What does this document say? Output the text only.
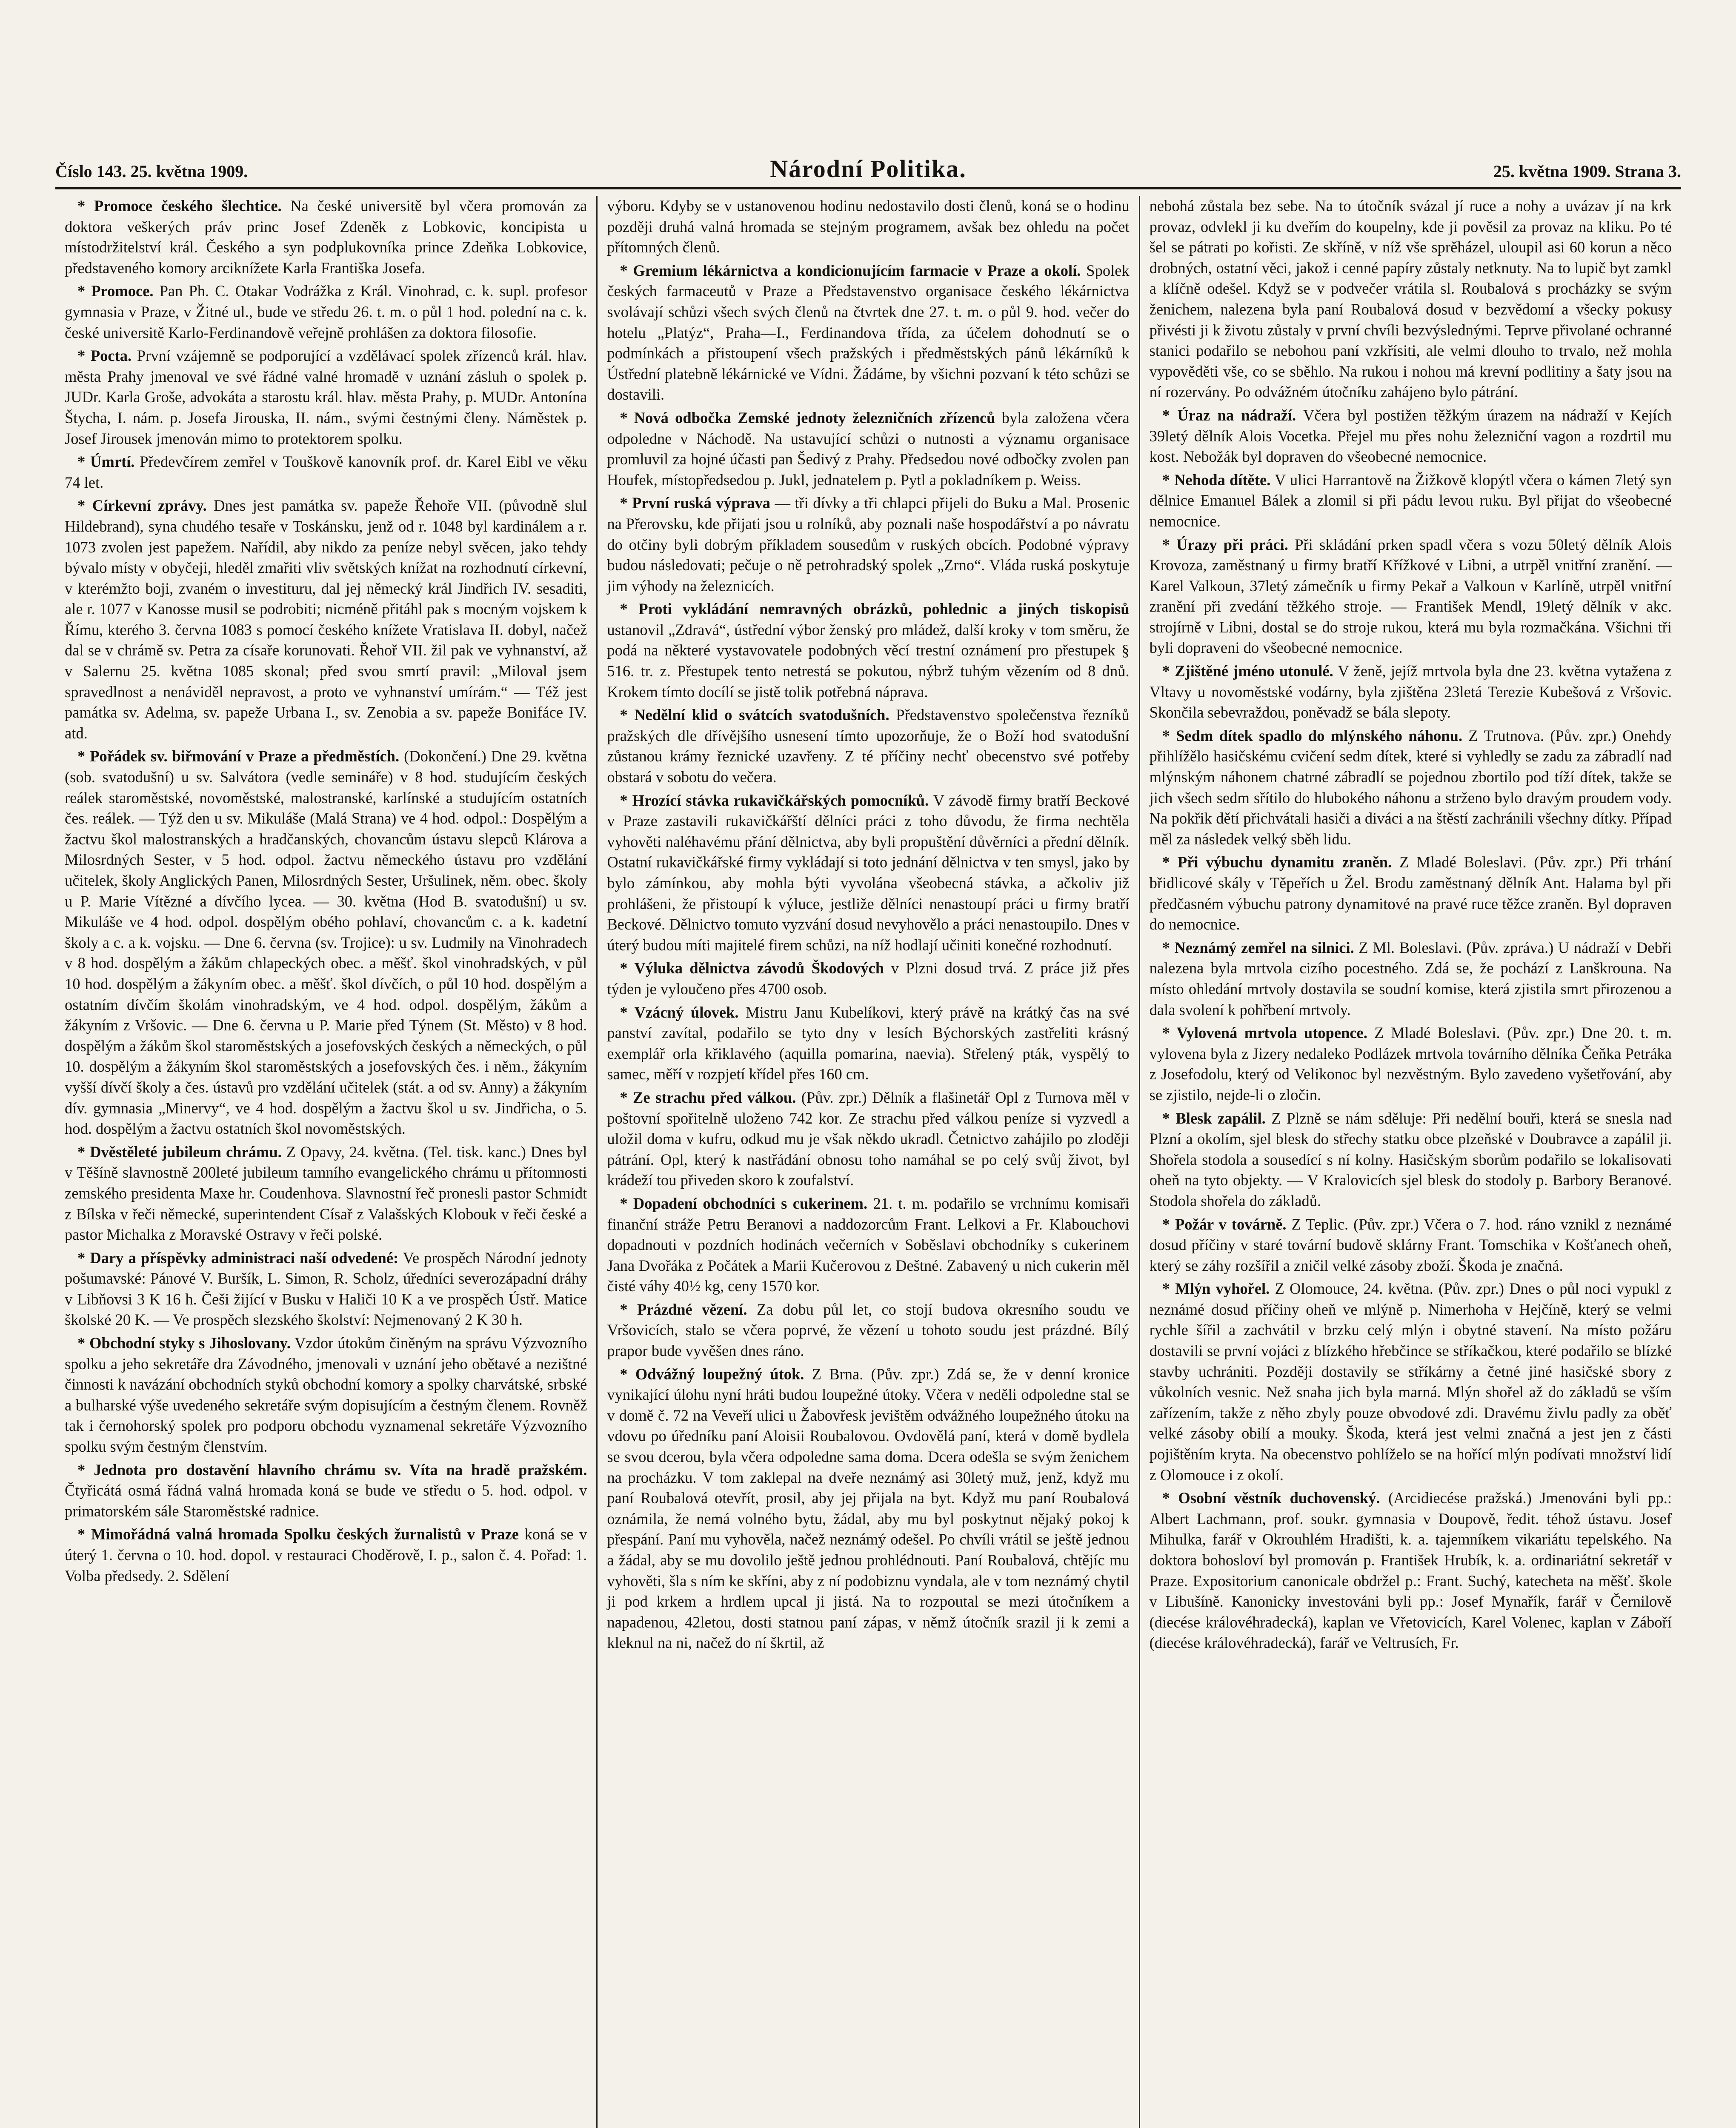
Číslo 143. 25. května 1909.	Národní Politika.	25. května 1909. Strana 3.

* Promoce českého šlechtice. Na české universitě byl včera promován za doktora veškerých práv princ Josef Zdeněk z Lobkovic, koncipista u místodržitelství král. Českého a syn podplukovníka prince Zdeňka Lobkovice, představeného komory arciknížete Karla Františka Josefa.

* Promoce. Pan Ph. C. Otakar Vodrážka z Král. Vinohrad, c. k. supl. profesor gymnasia v Praze, v Žitné ul., bude ve středu 26. t. m. o půl 1 hod. polední na c. k. české universitě Karlo-Ferdinandově veřejně prohlášen za doktora filosofie.

* Pocta. První vzájemně se podporující a vzdělávací spolek zřízenců král. hlav. města Prahy jmenoval ve své řádné valné hromadě v uznání zásluh o spolek p. JUDr. Karla Groše, advokáta a starostu král. hlav. města Prahy, p. MUDr. Antonína Štycha, I. nám. p. Josefa Jirouska, II. nám., svými čestnými členy. Náměstek p. Josef Jirousek jmenován mimo to protektorem spolku.

* Úmrtí. Předevčírem zemřel v Touškově kanovník prof. dr. Karel Eibl ve věku 74 let.

* Církevní zprávy. Dnes jest památka sv. papeže Řehoře VII. (původně slul Hildebrand), syna chudého tesaře v Toskánsku, jenž od r. 1048 byl kardinálem a r. 1073 zvolen jest papežem. Nařídil, aby nikdo za peníze nebyl svěcen, jako tehdy bývalo místy v obyčeji, hleděl zmařiti vliv světských knížat na rozhodnutí církevní, v kterémžto boji, zvaném o investituru, dal jej německý král Jindřich IV. sesaditi, ale r. 1077 v Kanosse musil se podrobiti; nicméně přitáhl pak s mocným vojskem k Římu, kterého 3. června 1083 s pomocí českého knížete Vratislava II. dobyl, načež dal se v chrámě sv. Petra za císaře korunovati. Řehoř VII. žil pak ve vyhnanství, až v Salernu 25. května 1085 skonal; před svou smrtí pravil: „Miloval jsem spravedlnost a nenáviděl nepravost, a proto ve vyhnanství umírám.“ — Též jest památka sv. Adelma, sv. papeže Urbana I., sv. Zenobia a sv. papeže Bonifáce IV. atd.

* Pořádek sv. biřmování v Praze a předměstích. (Dokončení.) Dne 29. května (sob. svatodušní) u sv. Salvátora (vedle semináře) v 8 hod. studujícím českých reálek staroměstské, novoměstské, malostranské, karlínské a studujícím ostatních čes. reálek. — Týž den u sv. Mikuláše (Malá Strana) ve 4 hod. odpol.: Dospělým a žactvu škol malostranských a hradčanských, chovancům ústavu slepců Klárova a Milosrdných Sester, v 5 hod. odpol. žactvu německého ústavu pro vzdělání učitelek, školy Anglických Panen, Milosrdných Sester, Uršulinek, něm. obec. školy u P. Marie Vítězné a dívčího lycea. — 30. května (Hod B. svatodušní) u sv. Mikuláše ve 4 hod. odpol. dospělým obého pohlaví, chovancům c. a k. kadetní školy a c. a k. vojsku. — Dne 6. června (sv. Trojice): u sv. Ludmily na Vinohradech v 8 hod. dospělým a žákům chlapeckých obec. a měšť. škol vinohradských, v půl 10 hod. dospělým a žákyním obec. a měšť. škol dívčích, o půl 10 hod. dospělým a ostatním dívčím školám vinohradským, ve 4 hod. odpol. dospělým, žákům a žákyním z Vršovic. — Dne 6. června u P. Marie před Týnem (St. Město) v 8 hod. dospělým a žákům škol staroměstských a josefovských českých a německých, o půl 10. dospělým a žákyním škol staroměstských a josefovských čes. i něm., žákyním vyšší dívčí školy a čes. ústavů pro vzdělání učitelek (stát. a od sv. Anny) a žákyním dív. gymnasia „Minervy“, ve 4 hod. dospělým a žactvu škol u sv. Jindřicha, o 5. hod. dospělým a žactvu ostatních škol novoměstských.

* Dvěstěleté jubileum chrámu. Z Opavy, 24. května. (Tel. tisk. kanc.) Dnes byl v Těšíně slavnostně 200leté jubileum tamního evangelického chrámu u přítomnosti zemského presidenta Maxe hr. Coudenhova. Slavnostní řeč pronesli pastor Schmidt z Bílska v řeči německé, superintendent Císař z Valašských Klobouk v řeči české a pastor Michalka z Moravské Ostravy v řeči polské.

* Dary a příspěvky administraci naší odvedené: Ve prospěch Národní jednoty pošumavské: Pánové V. Buršík, L. Simon, R. Scholz, úředníci severozápadní dráhy v Libňovsi 3 K 16 h. Češi žijící v Busku v Haliči 10 K a ve prospěch Ústř. Matice školské 20 K. — Ve prospěch slezského školství: Nejmenovaný 2 K 30 h.

* Obchodní styky s Jihoslovany. Vzdor útokům činěným na správu Výzvozního spolku a jeho sekretáře dra Závodného, jmenovali v uznání jeho obětavé a nezištné činnosti k navázání obchodních styků obchodní komory a spolky charvátské, srbské a bulharské výše uvedeného sekretáře svým dopisujícím a čestným členem. Rovněž tak i černohorský spolek pro podporu obchodu vyznamenal sekretáře Výzvozního spolku svým čestným členstvím.

* Jednota pro dostavění hlavního chrámu sv. Víta na hradě pražském. Čtyřicátá osmá řádná valná hromada koná se bude ve středu o 5. hod. odpol. v primatorském sále Staroměstské radnice.

* Mimořádná valná hromada Spolku českých žurnalistů v Praze koná se v úterý 1. června o 10. hod. dopol. v restauraci Choděrově, I. p., salon č. 4. Pořad: 1. Volba předsedy. 2. Sdělení

výboru. Kdyby se v ustanovenou hodinu nedostavilo dosti členů, koná se o hodinu později druhá valná hromada se stejným programem, avšak bez ohledu na počet přítomných členů.

* Gremium lékárnictva a kondicionujícím farmacie v Praze a okolí. Spolek českých farmaceutů v Praze a Představenstvo organisace českého lékárnictva svolávají schůzi všech svých členů na čtvrtek dne 27. t. m. o půl 9. hod. večer do hotelu „Platýz“, Praha—I., Ferdinandova třída, za účelem dohodnutí se o podmínkách a přistoupení všech pražských i předměstských pánů lékárníků k Ústřední platebně lékárnické ve Vídni. Žádáme, by všichni pozvaní k této schůzi se dostavili.

* Nová odbočka Zemské jednoty železničních zřízenců byla založena včera odpoledne v Náchodě. Na ustavující schůzi o nutnosti a významu organisace promluvil za hojné účasti pan Šedivý z Prahy. Předsedou nové odbočky zvolen pan Houfek, místopředsedou p. Jukl, jednatelem p. Pytl a pokladníkem p. Weiss.

* První ruská výprava — tři dívky a tři chlapci přijeli do Buku a Mal. Prosenic na Přerovsku, kde přijati jsou u rolníků, aby poznali naše hospodářství a po návratu do otčiny byli dobrým příkladem sousedům v ruských obcích. Podobné výpravy budou následovati; pečuje o ně petrohradský spolek „Zrno“. Vláda ruská poskytuje jim výhody na železnicích.

* Proti vykládání nemravných obrázků, pohlednic a jiných tiskopisů ustanovil „Zdravá“, ústřední výbor ženský pro mládež, další kroky v tom směru, že podá na některé vystavovatele podobných věcí trestní oznámení pro přestupek § 516. tr. z. Přestupek tento netrestá se pokutou, nýbrž tuhým vězením od 8 dnů. Krokem tímto docílí se jistě tolik potřebná náprava.

* Nedělní klid o svátcích svatodušních. Představenstvo společenstva řezníků pražských dle dřívějšího usnesení tímto upozorňuje, že o Boží hod svatodušní zůstanou krámy řeznické uzavřeny. Z té příčiny nechť obecenstvo své potřeby obstará v sobotu do večera.

* Hrozící stávka rukavičkářských pomocníků. V závodě firmy bratří Beckové v Praze zastavili rukavičkářští dělníci práci z toho důvodu, že firma nechtěla vyhověti naléhavému přání dělnictva, aby byli propuštění důvěrníci a přední dělník. Ostatní rukavičkářské firmy vykládají si toto jednání dělnictva v ten smysl, jako by bylo zámínkou, aby mohla býti vyvolána všeobecná stávka, a ačkoliv již prohlášeni, že přistoupí k výluce, jestliže dělníci nenastoupí práci u firmy bratří Beckové. Dělnictvo tomuto vyzvání dosud nevyhovělo a práci nenastoupilo. Dnes v úterý budou míti majitelé firem schůzi, na níž hodlají učiniti konečné rozhodnutí.

* Výluka dělnictva závodů Škodových v Plzni dosud trvá. Z práce již přes týden je vyloučeno přes 4700 osob.

* Vzácný úlovek. Mistru Janu Kubelíkovi, který právě na krátký čas na své panství zavítal, podařilo se tyto dny v lesích Býchorských zastřeliti krásný exemplář orla křiklavého (aquilla pomarina, naevia). Střelený pták, vyspělý to samec, měří v rozpjetí křídel přes 160 cm.

* Ze strachu před válkou. (Pův. zpr.) Dělník a flašinetář Opl z Turnova měl v poštovní spořitelně uloženo 742 kor. Ze strachu před válkou peníze si vyzvedl a uložil doma v kufru, odkud mu je však někdo ukradl. Četnictvo zahájilo po zloději pátrání. Opl, který k nastřádání obnosu toho namáhal se po celý svůj život, byl krádeží tou přiveden skoro k zoufalství.

* Dopadení obchodníci s cukerinem. 21. t. m. podařilo se vrchnímu komisaři finanční stráže Petru Beranovi a naddozorcům Frant. Lelkovi a Fr. Klabouchovi dopadnouti v pozdních hodinách večerních v Soběslavi obchodníky s cukerinem Jana Dvořáka z Počátek a Marii Kučerovou z Deštné. Zabavený u nich cukerin měl čisté váhy 40½ kg, ceny 1570 kor.

* Prázdné vězení. Za dobu půl let, co stojí budova okresního soudu ve Vršovicích, stalo se včera poprvé, že vězení u tohoto soudu jest prázdné. Bílý prapor bude vyvěšen dnes ráno.

* Odvážný loupežný útok. Z Brna. (Pův. zpr.) Zdá se, že v denní kronice vynikající úlohu nyní hráti budou loupežné útoky. Včera v neděli odpoledne stal se v domě č. 72 na Veveří ulici u Žabovřesk jevištěm odvážného loupežného útoku na vdovu po úředníku paní Aloisii Roubalovou. Ovdovělá paní, která v domě bydlela se svou dcerou, byla včera odpoledne sama doma. Dcera odešla se svým ženichem na procházku. V tom zaklepal na dveře neznámý asi 30letý muž, jenž, když mu paní Roubalová otevřít, prosil, aby jej přijala na byt. Když mu paní Roubalová oznámila, že nemá volného bytu, žádal, aby mu byl poskytnut nějaký pokoj k přespání. Paní mu vyhověla, načež neznámý odešel. Po chvíli vrátil se ještě jednou a žádal, aby se mu dovolilo ještě jednou prohlédnouti. Paní Roubalová, chtějíc mu vyhověti, šla s ním ke skříni, aby z ní podobiznu vyndala, ale v tom neznámý chytil ji pod krkem a hrdlem upcal ji jistá. Na to rozpoutal se mezi útočníkem a napadenou, 42letou, dosti statnou paní zápas, v němž útočník srazil ji k zemi a kleknul na ni, načež do ní škrtil, až

nebohá zůstala bez sebe. Na to útočník svázal jí ruce a nohy a uvázav jí na krk provaz, odvlekl ji ku dveřím do koupelny, kde ji pověsil za provaz na kliku. Po té šel se pátrati po kořisti. Ze skříně, v níž vše sprěházel, uloupil asi 60 korun a něco drobných, ostatní věci, jakož i cenné papíry zůstaly netknuty. Na to lupič byt zamkl a klíčně odešel. Když se v podvečer vrátila sl. Roubalová s procházky se svým ženichem, nalezena byla paní Roubalová dosud v bezvědomí a všecky pokusy přivésti ji k životu zůstaly v první chvíli bezvýslednými. Teprve přivolané ochranné stanici podařilo se nebohou paní vzkřísiti, ale velmi dlouho to trvalo, než mohla vypověděti vše, co se sběhlo. Na rukou i nohou má krevní podlitiny a šaty jsou na ní rozervány. Po odvážném útočníku zahájeno bylo pátrání.

* Úraz na nádraží. Včera byl postižen těžkým úrazem na nádraží v Kejích 39letý dělník Alois Vocetka. Přejel mu přes nohu železniční vagon a rozdrtil mu kost. Nebožák byl dopraven do všeobecné nemocnice.

* Nehoda dítěte. V ulici Harrantově na Žižkově klopýtl včera o kámen 7letý syn dělnice Emanuel Bálek a zlomil si při pádu levou ruku. Byl přijat do všeobecné nemocnice.

* Úrazy při práci. Při skládání prken spadl včera s vozu 50letý dělník Alois Krovoza, zaměstnaný u firmy bratří Křížkové v Libni, a utrpěl vnitřní zranění. — Karel Valkoun, 37letý zámečník u firmy Pekař a Valkoun v Karlíně, utrpěl vnitřní zranění při zvedání těžkého stroje. — František Mendl, 19letý dělník v akc. strojírně v Libni, dostal se do stroje rukou, která mu byla rozmačkána. Všichni tři byli dopraveni do všeobecné nemocnice.

* Zjištěné jméno utonulé. V ženě, jejíž mrtvola byla dne 23. května vytažena z Vltavy u novoměstské vodárny, byla zjištěna 23letá Terezie Kubešová z Vršovic. Skončila sebevraždou, poněvadž se bála slepoty.

* Sedm dítek spadlo do mlýnského náhonu. Z Trutnova. (Pův. zpr.) Onehdy přihlížělo hasičskému cvičení sedm dítek, které si vyhledly se zadu za zábradlí nad mlýnským náhonem chatrné zábradlí se pojednou zbortilo pod tíží dítek, takže se jich všech sedm sřítilo do hlubokého náhonu a strženo bylo dravým proudem vody. Na pokřik dětí přichvátali hasiči a diváci a na štěstí zachránili všechny dítky. Případ měl za následek velký sběh lidu.

* Při výbuchu dynamitu zraněn. Z Mladé Boleslavi. (Pův. zpr.) Při trhání břidlicové skály v Těpeřích u Žel. Brodu zaměstnaný dělník Ant. Halama byl při předčasném výbuchu patrony dynamitové na pravé ruce těžce zraněn. Byl dopraven do nemocnice.

* Neznámý zemřel na silnici. Z Ml. Boleslavi. (Pův. zpráva.) U nádraží v Debři nalezena byla mrtvola cizího pocestného. Zdá se, že pochází z Lanškrouna. Na místo ohledání mrtvoly dostavila se soudní komise, která zjistila smrt přirozenou a dala svolení k pohřbení mrtvoly.

* Vylovená mrtvola utopence. Z Mladé Boleslavi. (Pův. zpr.) Dne 20. t. m. vylovena byla z Jizery nedaleko Podlázek mrtvola továrního dělníka Čeňka Petráka z Josefodolu, který od Velikonoc byl nezvěstným. Bylo zavedeno vyšetřování, aby se zjistilo, nejde-li o zločin.

* Blesk zapálil. Z Plzně se nám sděluje: Při nedělní bouři, která se snesla nad Plzní a okolím, sjel blesk do střechy statku obce plzeňské v Doubravce a zapálil ji. Shořela stodola a sousedící s ní kolny. Hasičským sborům podařilo se lokalisovati oheň na tyto objekty. — V Kralovicích sjel blesk do stodoly p. Barbory Beranové. Stodola shořela do základů.

* Požár v továrně. Z Teplic. (Pův. zpr.) Včera o 7. hod. ráno vznikl z neznámé dosud příčiny v staré tovární budově sklárny Frant. Tomschika v Košťanech oheň, který se záhy rozšířil a zničil velké zásoby zboží. Škoda je značná.

* Mlýn vyhořel. Z Olomouce, 24. května. (Pův. zpr.) Dnes o půl noci vypukl z neznámé dosud příčiny oheň ve mlýně p. Nimerhoha v Hejčíně, který se velmi rychle šířil a zachvátil v brzku celý mlýn i obytné stavení. Na místo požáru dostavili se první vojáci z blízkého hřebčince se stříkačkou, které podařilo se blízké stavby uchrániti. Později dostavily se stříkárny a četné jiné hasičské sbory z vůkolních vesnic. Než snaha jich byla marná. Mlýn shořel až do základů se vším zařízením, takže z něho zbyly pouze obvodové zdi. Dravému živlu padly za oběť velké zásoby obilí a mouky. Škoda, která jest velmi značná a jest jen z části pojištěním kryta. Na obecenstvo pohlíželo se na hořící mlýn podívati množství lidí z Olomouce i z okolí.

* Osobní věstník duchovenský. (Arcidiecése pražská.) Jmenováni byli pp.: Albert Lachmann, prof. soukr. gymnasia v Doupově, ředit. téhož ústavu. Josef Mihulka, farář v Okrouhlém Hradišti, k. a. tajemníkem vikariátu tepelského. Na doktora bohosloví byl promován p. František Hrubík, k. a. ordinariátní sekretář v Praze. Expositorium canonicale obdržel p.: Frant. Suchý, katecheta na měšť. škole v Libušíně. Kanonicky investováni byli pp.: Josef Mynařík, farář v Černilově (diecése královéhradecká), kaplan ve Vřetovicích, Karel Volenec, kaplan v Záboří (diecése královéhradecká), farář ve Veltrusích, Fr.
